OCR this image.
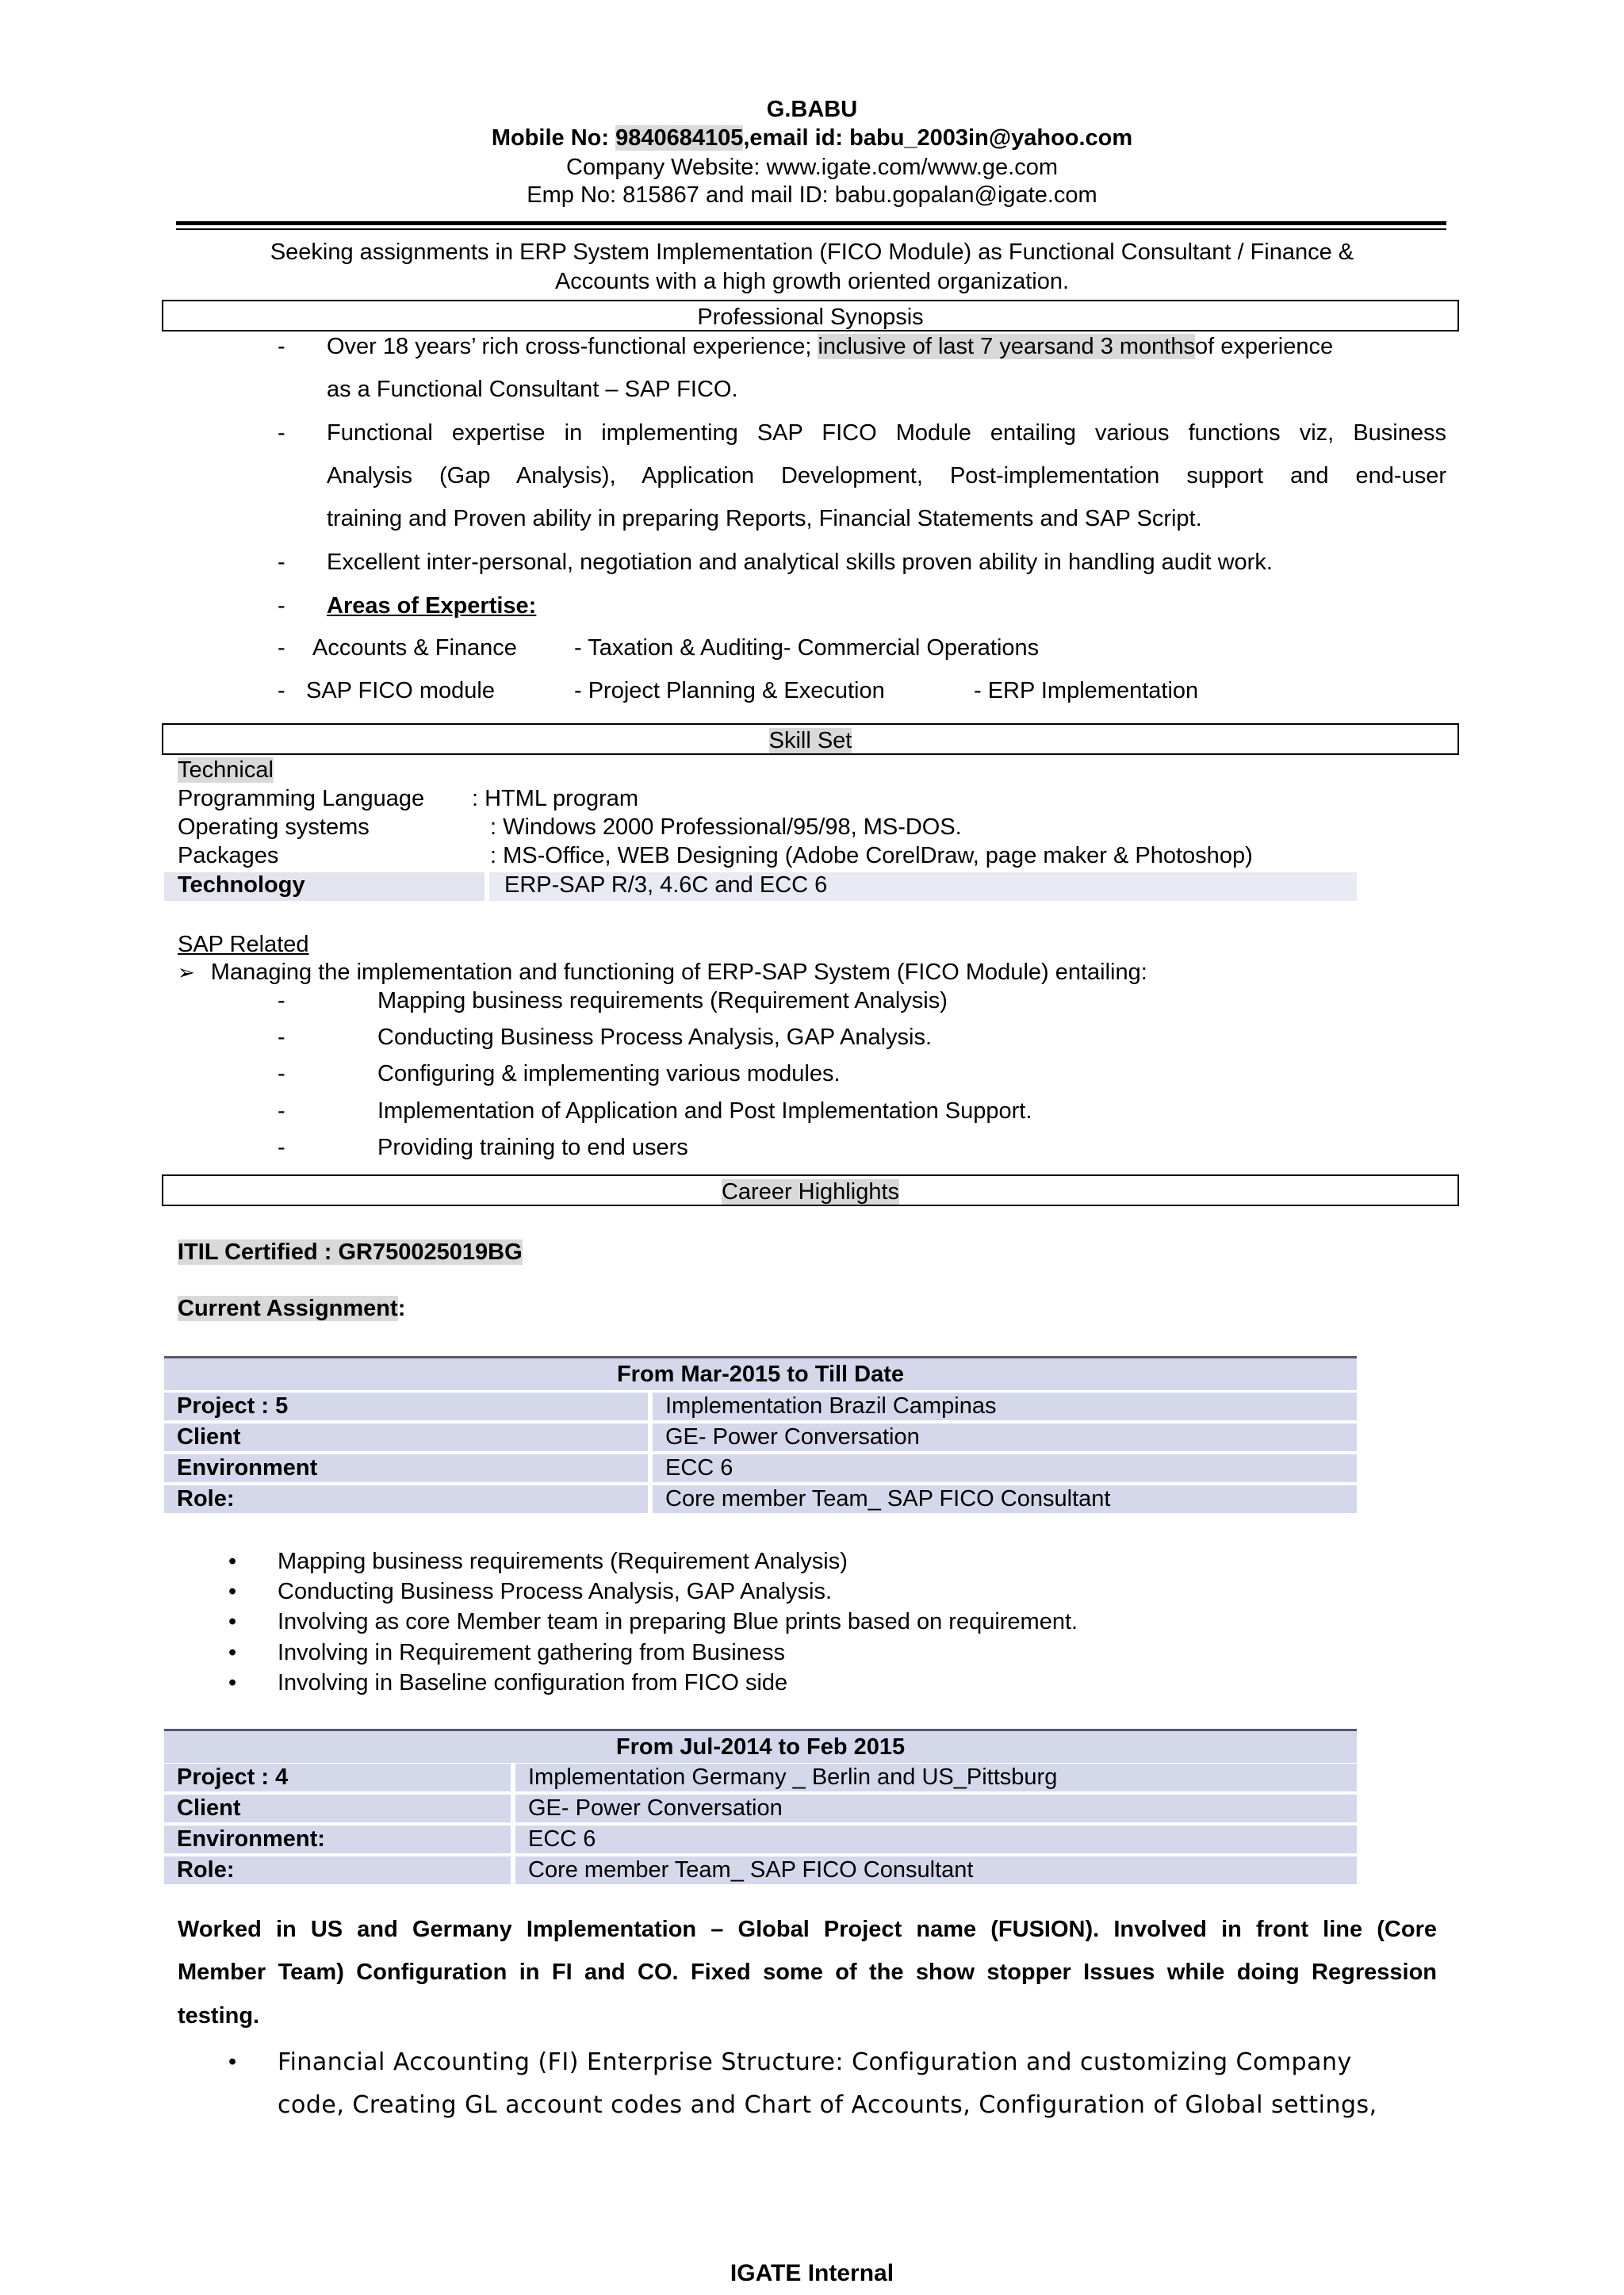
G.BABU
Mobile No: 9840684105,email id: babu_2003in@yahoo.com
Company Website: www.igate.com/www.ge.com
Emp No: 815867 and mail ID: babu.gopalan@igate.com
Seeking assignments in ERP System Implementation (FICO Module) as Functional Consultant / Finance &
Accounts with a high growth oriented organization.
Professional Synopsis
- Over 18 years’ rich cross-functional experience; inclusive of last 7 yearsand 3 monthsof experience
as a Functional Consultant – SAP FICO.
- Functional expertise in implementing SAP FICO Module entailing various functions viz, Business
Analysis (Gap Analysis), Application Development, Post-implementation support and end-user
training and Proven ability in preparing Reports, Financial Statements and SAP Script.
- Excellent inter-personal, negotiation and analytical skills proven ability in handling audit work.
- Areas of Expertise:
- Accounts & Finance - Taxation & Auditing- Commercial Operations
- SAP FICO module	- Project Planning & Execution	- ERP Implementation
Skill Set
Technical
Programming Language : HTML program
Operating systems	: Windows 2000 Professional/95/98, MS-DOS.
Packages	: MS-Office, WEB Designing (Adobe CorelDraw, page maker & Photoshop)
Technology	ERP-SAP R/3, 4.6C and ECC 6
SAP Related
➢ Managing the implementation and functioning of ERP-SAP System (FICO Module) entailing:
-	Mapping business requirements (Requirement Analysis)
-	Conducting Business Process Analysis, GAP Analysis.
-	Configuring & implementing various modules.
-	Implementation of Application and Post Implementation Support.
-	Providing training to end users
Career Highlights
ITIL Certified : GR750025019BG
Current Assignment:
From Mar-2015 to Till Date
Project : 5	Implementation Brazil Campinas
Client	GE- Power Conversation
Environment	ECC 6
Role:	Core member Team_ SAP FICO Consultant
• Mapping business requirements (Requirement Analysis)
• Conducting Business Process Analysis, GAP Analysis.
• Involving as core Member team in preparing Blue prints based on requirement.
• Involving in Requirement gathering from Business
• Involving in Baseline configuration from FICO side
From Jul-2014 to Feb 2015
Project : 4	Implementation Germany _ Berlin and US_Pittsburg
Client	GE- Power Conversation
Environment:	ECC 6
Role:	Core member Team_ SAP FICO Consultant
Worked in US and Germany Implementation – Global Project name (FUSION). Involved in front line (Core
Member Team) Configuration in FI and CO. Fixed some of the show stopper Issues while doing Regression
testing.
• Financial Accounting (FI) Enterprise Structure: Configuration and customizing Company
code, Creating GL account codes and Chart of Accounts, Configuration of Global settings,
IGATE Internal
